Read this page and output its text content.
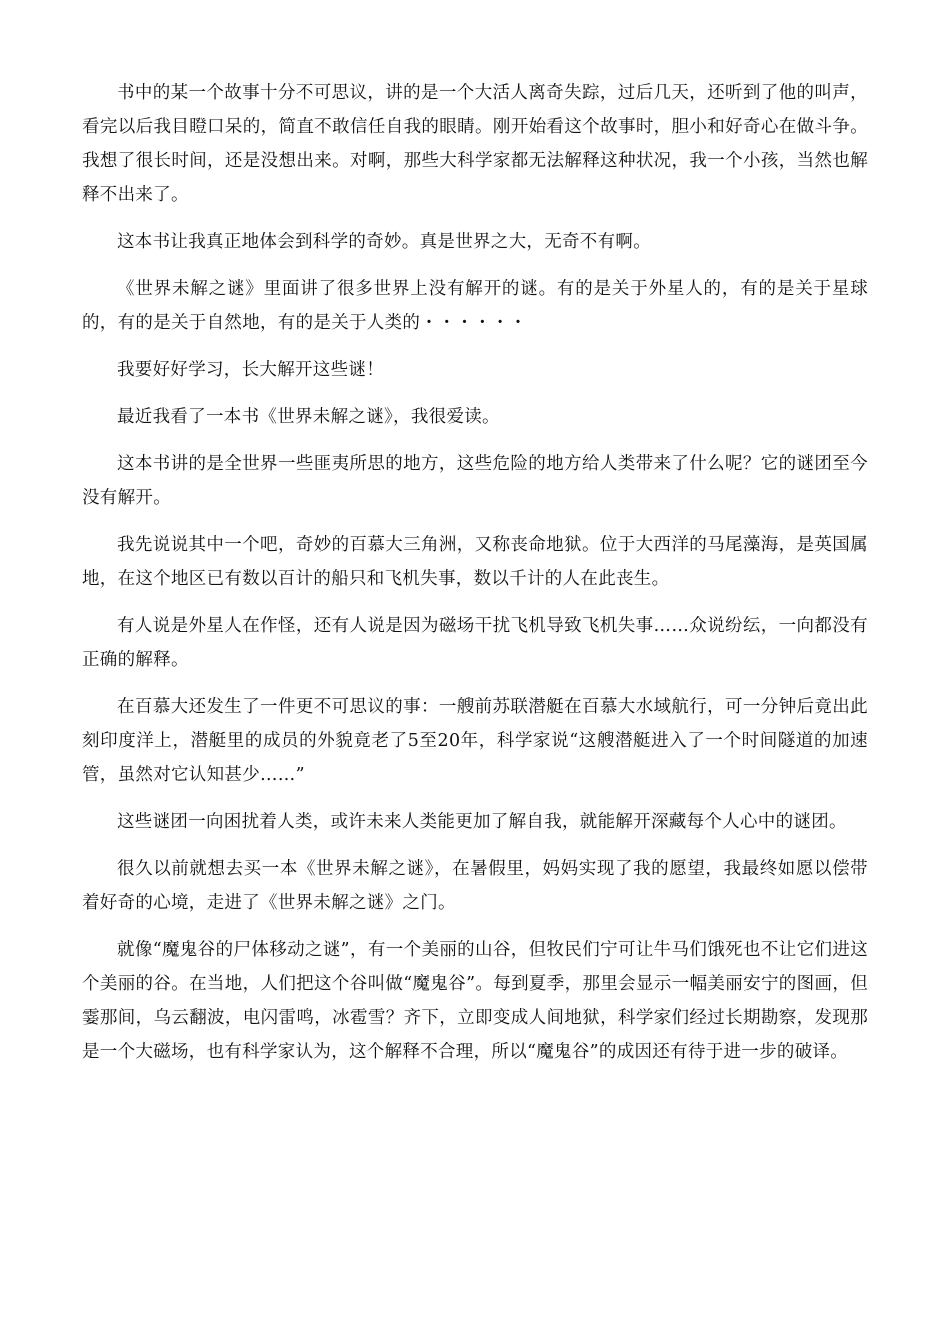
书中的某一个故事十分不可思议，讲的是一个大活人离奇失踪，过后几天，还听到了他的叫声，看完以后我目瞪口呆的，简直不敢信任自我的眼睛。刚开始看这个故事时，胆小和好奇心在做斗争。我想了很长时间，还是没想出来。对啊，那些大科学家都无法解释这种状况，我一个小孩，当然也解释不出来了。

这本书让我真正地体会到科学的奇妙。真是世界之大，无奇不有啊。

《世界未解之谜》里面讲了很多世界上没有解开的谜。有的是关于外星人的，有的是关于星球的，有的是关于自然地，有的是关于人类的・・・・・・

我要好好学习，长大解开这些谜！

最近我看了一本书《世界未解之谜》，我很爱读。

这本书讲的是全世界一些匪夷所思的地方，这些危险的地方给人类带来了什么呢？它的谜团至今没有解开。

我先说说其中一个吧，奇妙的百慕大三角洲，又称丧命地狱。位于大西洋的马尾藻海，是英国属地，在这个地区已有数以百计的船只和飞机失事，数以千计的人在此丧生。

有人说是外星人在作怪，还有人说是因为磁场干扰飞机导致飞机失事……众说纷纭，一向都没有正确的解释。

在百慕大还发生了一件更不可思议的事：一艘前苏联潜艇在百慕大水域航行，可一分钟后竟出此刻印度洋上，潜艇里的成员的外貌竟老了5至20年，科学家说“这艘潜艇进入了一个时间隧道的加速管，虽然对它认知甚少……”

这些谜团一向困扰着人类，或许未来人类能更加了解自我，就能解开深藏每个人心中的谜团。

很久以前就想去买一本《世界未解之谜》，在暑假里，妈妈实现了我的愿望，我最终如愿以偿带着好奇的心境，走进了《世界未解之谜》之门。

就像“魔鬼谷的尸体移动之谜”，有一个美丽的山谷，但牧民们宁可让牛马们饿死也不让它们进这个美丽的谷。在当地，人们把这个谷叫做“魔鬼谷”。每到夏季，那里会显示一幅美丽安宁的图画，但霎那间，乌云翻波，电闪雷鸣，冰雹雪？齐下，立即变成人间地狱，科学家们经过长期勘察，发现那是一个大磁场，也有科学家认为，这个解释不合理，所以“魔鬼谷”的成因还有待于进一步的破译。
